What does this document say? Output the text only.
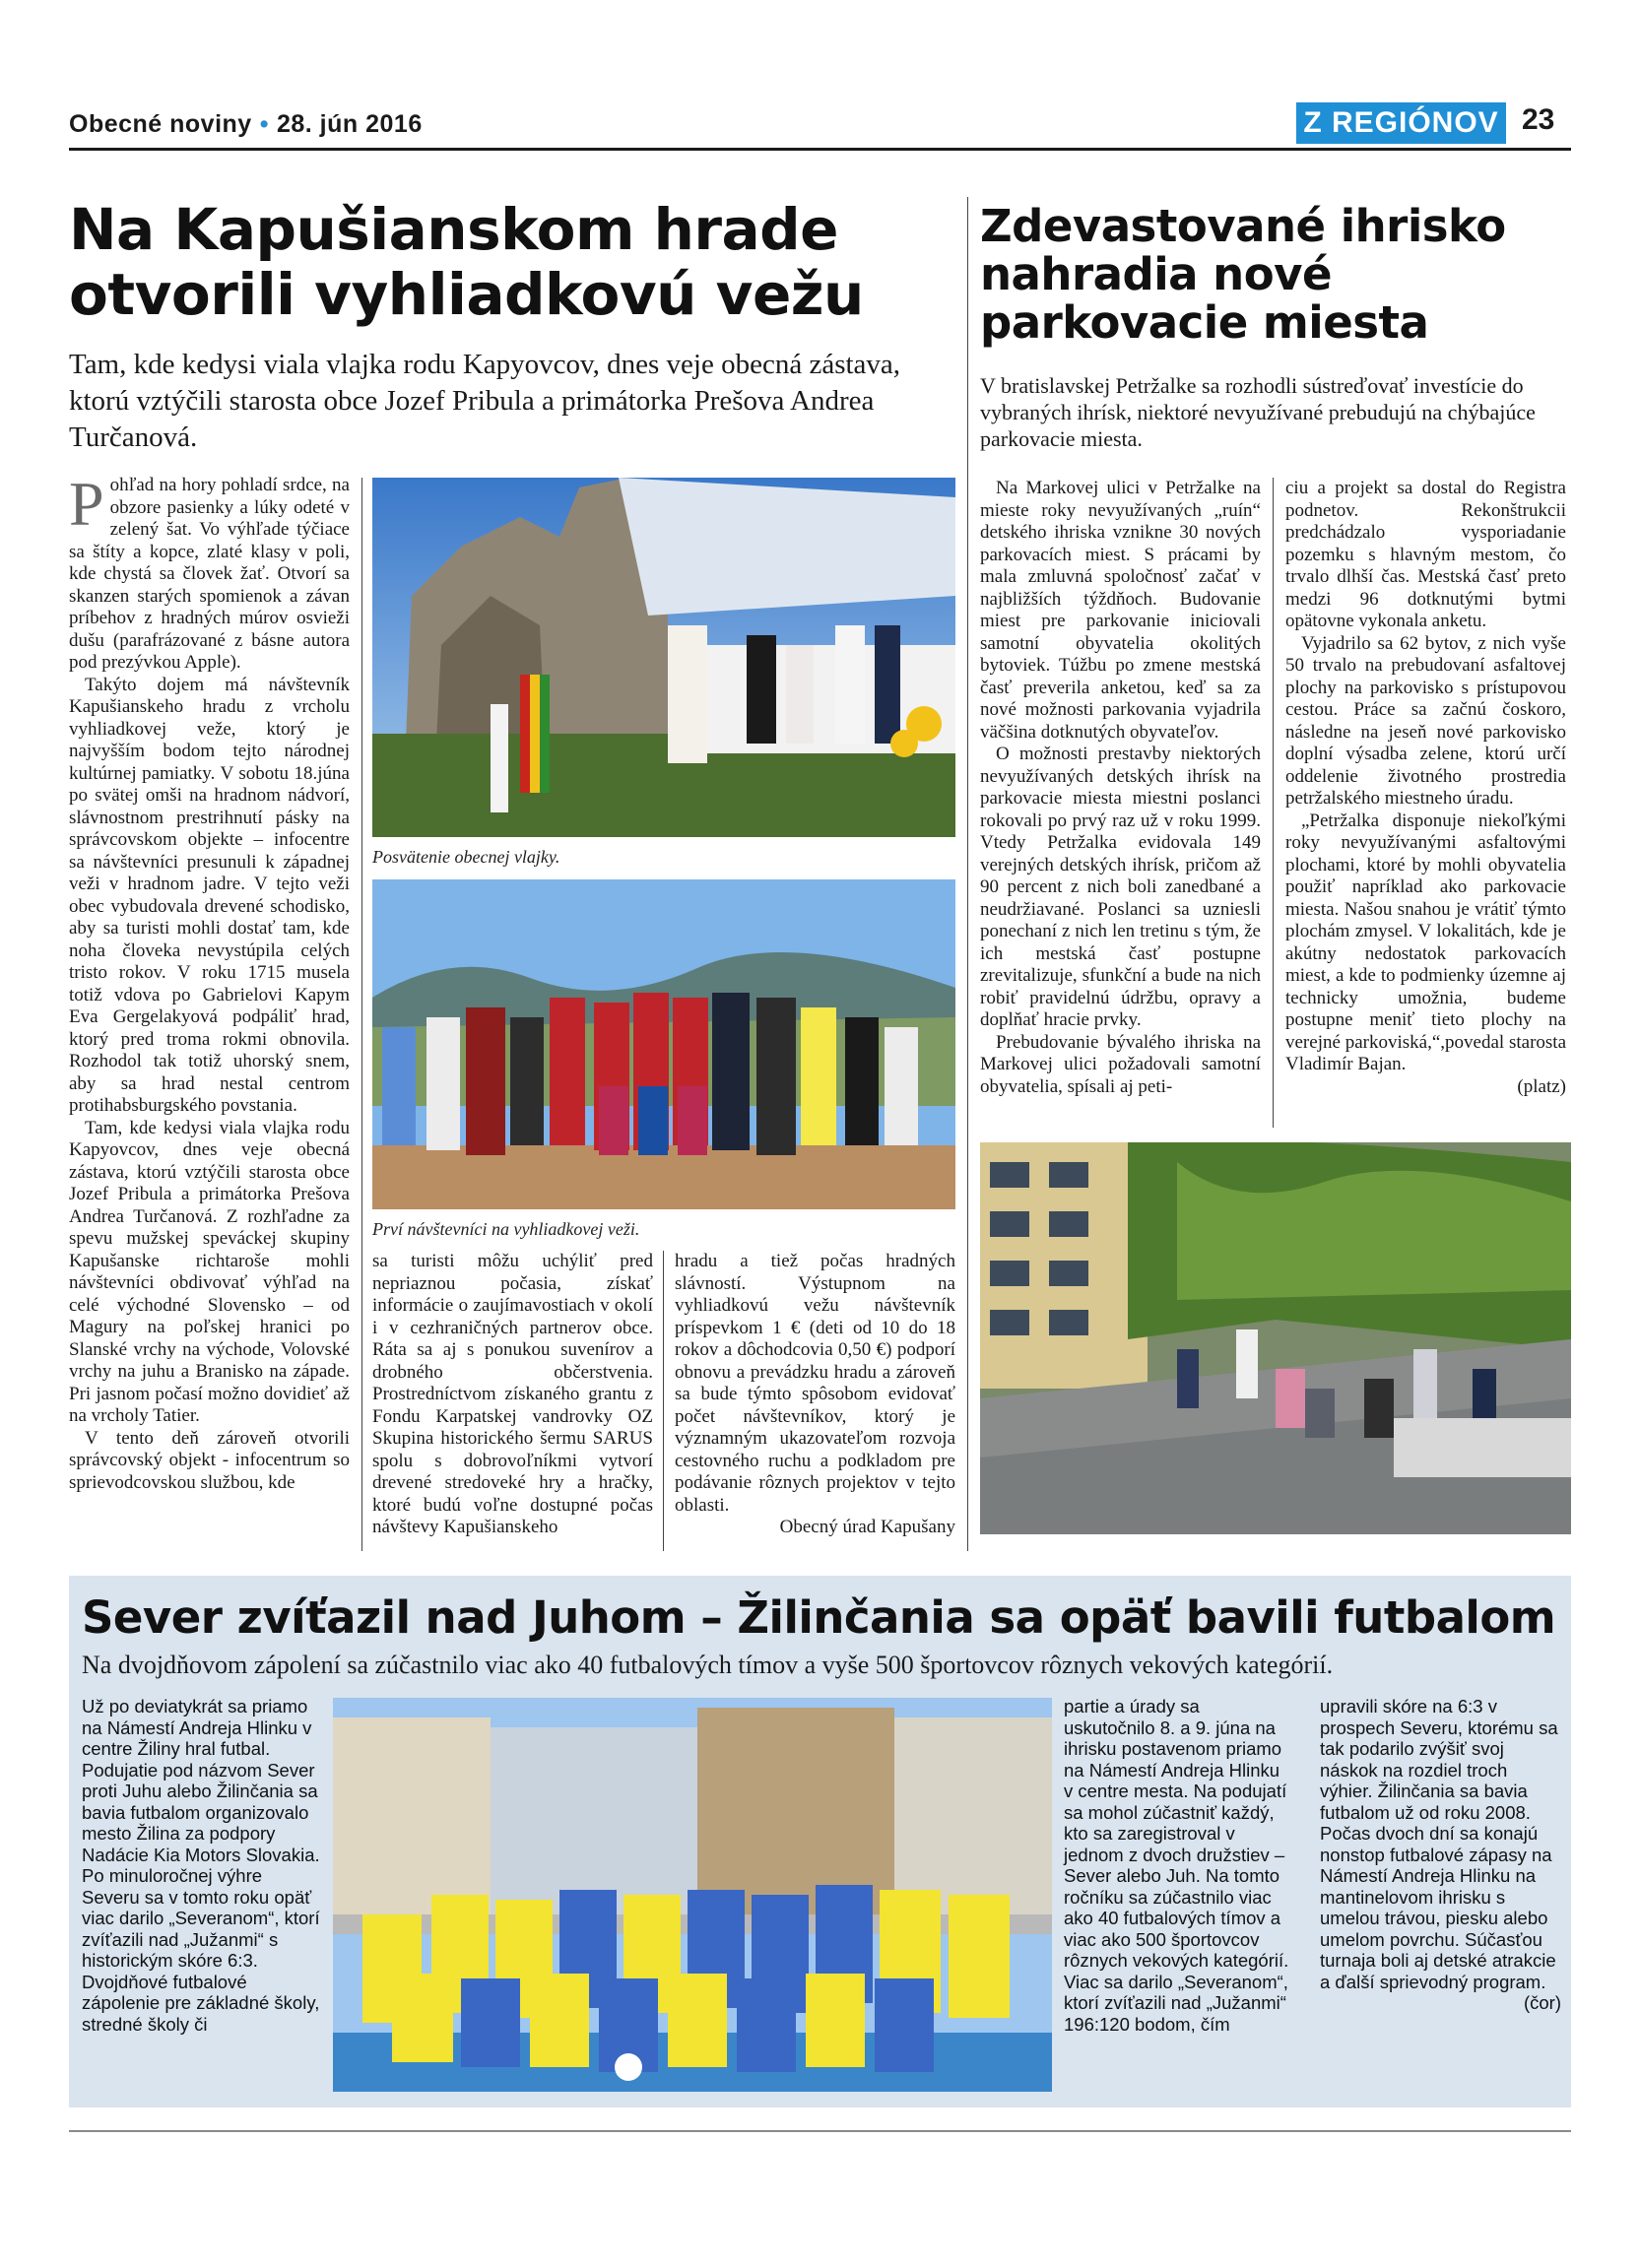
Obecné noviny • 28. jún 2016	Z REGIÓNOV 23
Na Kapušianskom hrade
otvorili vyhliadkovú vežu
Tam, kde kedysi viala vlajka rodu Kapyovcov, dnes veje obecná zástava, ktorú vztýčili starosta obce Jozef Pribula a primátorka Prešova Andrea Turčanová.

Pohľad na hory pohladí srdce, na obzore pasienky a lúky odeté v zelený šat. Vo výhľade týčiace sa štíty a kopce, zlaté klasy v poli, kde chystá sa človek žať. Otvorí sa skanzen starých spomienok a závan príbehov z hradných múrov osvieži dušu (parafrázované z básne autora pod prezývkou Apple).

Takýto dojem má návštevník Kapušianskeho hradu z vrcholu vyhliadkovej veže, ktorý je najvyšším bodom tejto národnej kultúrnej pamiatky. V sobotu 18.júna po svätej omši na hradnom nádvorí, slávnostnom prestrihnutí pásky na správcovskom objekte – infocentre sa návštevníci presunuli k západnej veži v hradnom jadre. V tejto veži obec vybudovala drevené schodisko, aby sa turisti mohli dostať tam, kde noha človeka nevystúpila celých tristo rokov. V roku 1715 musela totiž vdova po Gabrielovi Kapym Eva Gergelakyová podpáliť hrad, ktorý pred troma rokmi obnovila. Rozhodol tak totiž uhorský snem, aby sa hrad nestal centrom protihabsburgského povstania.

Tam, kde kedysi viala vlajka rodu Kapyovcov, dnes veje obecná zástava, ktorú vztýčili starosta obce Jozef Pribula a primátorka Prešova Andrea Turčanová. Z rozhľadne za spevu mužskej speváckej skupiny Kapušanske richtaroše mohli návštevníci obdivovať výhľad na celé východné Slovensko – od Magury na poľskej hranici po Slanské vrchy na východe, Volovské vrchy na juhu a Branisko na západe. Pri jasnom počasí možno dovidieť až na vrcholy Tatier.

V tento deň zároveň otvorili správcovský objekt - infocentrum so sprievodcovskou službou, kde

Posvätenie obecnej vlajky.
Prví návštevníci na vyhliadkovej veži.

sa turisti môžu uchýliť pred nepriaznou počasia, získať informácie o zaujímavostiach v okolí i v cezhraničných partnerov obce. Ráta sa aj s ponukou suvenírov a drobného občerstvenia. Prostredníctvom získaného grantu z Fondu Karpatskej vandrovky OZ Skupina historického šermu SARUS spolu s dobrovoľníkmi vytvorí drevené stredoveké hry a hračky, ktoré budú voľne dostupné počas návštevy Kapušianskeho

hradu a tiež počas hradných slávností. Výstupnom na vyhliadkovú vežu návštevník príspevkom 1 € (deti od 10 do 18 rokov a dôchodcovia 0,50 €) podporí obnovu a prevádzku hradu a zároveň sa bude týmto spôsobom evidovať počet návštevníkov, ktorý je významným ukazovateľom rozvoja cestovného ruchu a podkladom pre podávanie rôznych projektov v tejto oblasti.

Obecný úrad Kapušany

Zdevastované ihrisko
nahradia nové
parkovacie miesta
V bratislavskej Petržalke sa rozhodli sústreďovať investície do vybraných ihrísk, niektoré nevyužívané prebudujú na chýbajúce parkovacie miesta.

Na Markovej ulici v Petržalke na mieste roky nevyužívaných „ruín“ detského ihriska vznikne 30 nových parkovacích miest. S prácami by mala zmluvná spoločnosť začať v najbližších týždňoch. Budovanie miest pre parkovanie iniciovali samotní obyvatelia okolitých bytoviek. Túžbu po zmene mestská časť preverila anketou, keď sa za nové možnosti parkovania vyjadrila väčšina dotknutých obyvateľov.

O možnosti prestavby niektorých nevyužívaných detských ihrísk na parkovacie miesta miestni poslanci rokovali po prvý raz už v roku 1999. Vtedy Petržalka evidovala 149 verejných detských ihrísk, pričom až 90 percent z nich boli zanedbané a neudržiavané. Poslanci sa uzniesli ponechaní z nich len tretinu s tým, že ich mestská časť postupne zrevitalizuje, sfunkční a bude na nich robiť pravidelnú údržbu, opravy a doplňať hracie prvky.

Prebudovanie bývalého ihriska na Markovej ulici požadovali samotní obyvatelia, spísali aj peti-

ciu a projekt sa dostal do Registra podnetov. Rekonštrukcii predchádzalo vysporiadanie pozemku s hlavným mestom, čo trvalo dlhší čas. Mestská časť preto medzi 96 dotknutými bytmi opätovne vykonala anketu.

Vyjadrilo sa 62 bytov, z nich vyše 50 trvalo na prebudovaní asfaltovej plochy na parkovisko s prístupovou cestou. Práce sa začnú čoskoro, následne na jeseň nové parkovisko doplní výsadba zelene, ktorú určí oddelenie životného prostredia petržalského miestneho úradu.

„Petržalka disponuje niekoľkými roky nevyužívanými asfaltovými plochami, ktoré by mohli obyvatelia použiť napríklad ako parkovacie miesta. Našou snahou je vrátiť týmto plochám zmysel. V lokalitách, kde je akútny nedostatok parkovacích miest, a kde to podmienky územne aj technicky umožnia, budeme postupne meniť tieto plochy na verejné parkoviská,“,povedal starosta Vladimír Bajan.

(platz)

Sever zvíťazil nad Juhom – Žilinčania sa opäť bavili futbalom
Na dvojdňovom zápolení sa zúčastnilo viac ako 40 futbalových tímov a vyše 500 športovcov rôznych vekových kategórií.

Už po deviatykrát sa priamo na Námestí Andreja Hlinku v centre Žiliny hral futbal. Podujatie pod názvom Sever proti Juhu alebo Žilinčania sa bavia futbalom organizovalo mesto Žilina za podpory Nadácie Kia Motors Slovakia. Po minuloročnej výhre Severu sa v tomto roku opäť viac darilo „Severanom“, ktorí zvíťazili nad „Južanmi“ s historickým skóre 6:3. Dvojdňové futbalové zápolenie pre základné školy, stredné školy či

partie a úrady sa uskutočnilo 8. a 9. júna na ihrisku postavenom priamo na Námestí Andreja Hlinku v centre mesta. Na podujatí sa mohol zúčastniť každý, kto sa zaregistroval v jednom z dvoch družstiev – Sever alebo Juh. Na tomto ročníku sa zúčastnilo viac ako 40 futbalových tímov a viac ako 500 športovcov rôznych vekových kategórií. Viac sa darilo „Severanom“, ktorí zvíťazili nad „Južanmi“ 196:120 bodom, čím

upravili skóre na 6:3 v prospech Severu, ktorému sa tak podarilo zvýšiť svoj náskok na rozdiel troch výhier. Žilinčania sa bavia futbalom už od roku 2008. Počas dvoch dní sa konajú nonstop futbalové zápasy na Námestí Andreja Hlinku na mantinelovom ihrisku s umelou trávou, piesku alebo umelom povrchu. Súčasťou turnaja boli aj detské atrakcie a ďalší sprievodný program.

(čor)
